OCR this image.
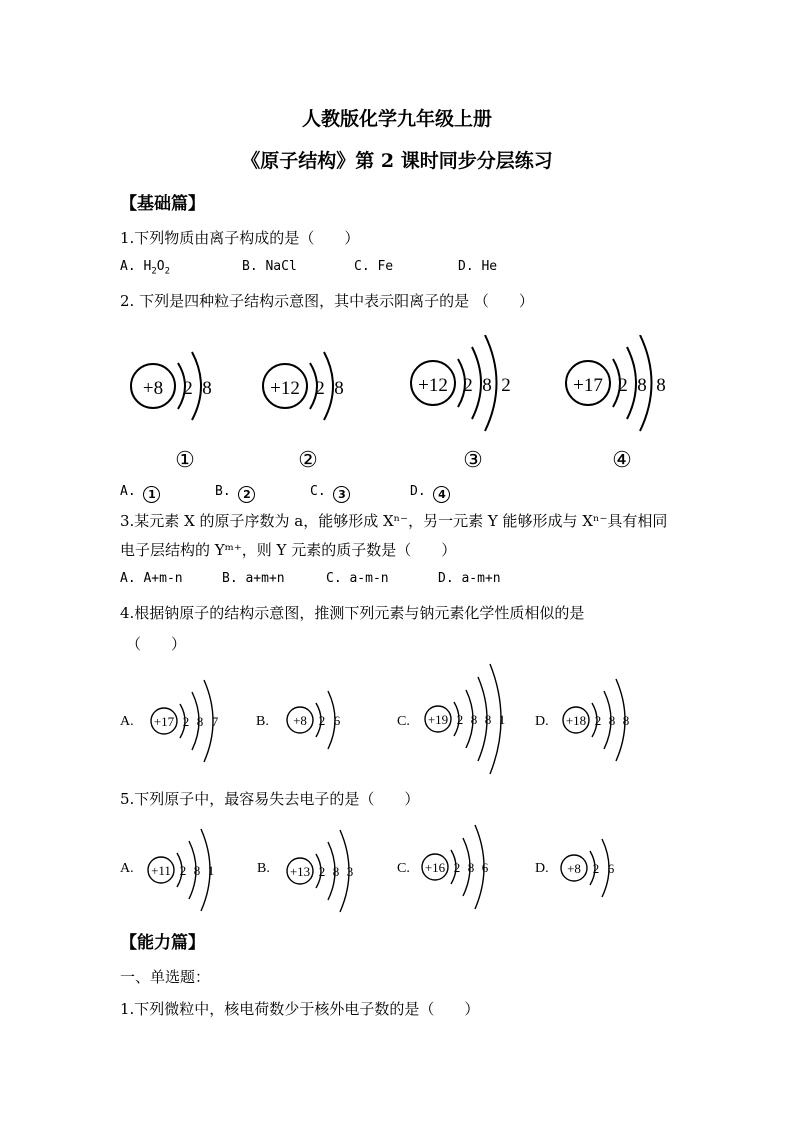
人教版化学九年级上册
《原子结构》第 2 课时同步分层练习
【基础篇】
1.下列物质由离子构成的是（　　）
A. $H_2O_2$	B. NaCl	C. Fe	D. He
2. 下列是四种粒子结构示意图，其中表示阳离子的是 （　　）
+8 2 8
①
+12 2 8
②
+12 2 8 2
③
+17 2 8 8
④
A. 1	B. 2	C. 3	D. 4
3.某元素 X 的原子序数为 a，能够形成 Xⁿ⁻，另一元素 Y 能够形成与 Xⁿ⁻具有相同
电子层结构的 Yᵐ⁺，则 Y 元素的质子数是（　　）
A. A+m-n	B. a+m+n	C. a-m-n	D. a-m+n
4.根据钠原子的结构示意图，推测下列元素与钠元素化学性质相似的是
（　　）
A. +17 2 8 7	B. +8 2 6	C. +19 2 8 8 1 D. +18 2 8 8
5.下列原子中，最容易失去电子的是（　　）
A. +11 2 8 1	B. +13 2 8 3	C. +16 2 8 6	D. +8 2 6
【能力篇】
一、单选题：
1.下列微粒中，核电荷数少于核外电子数的是（　　）
